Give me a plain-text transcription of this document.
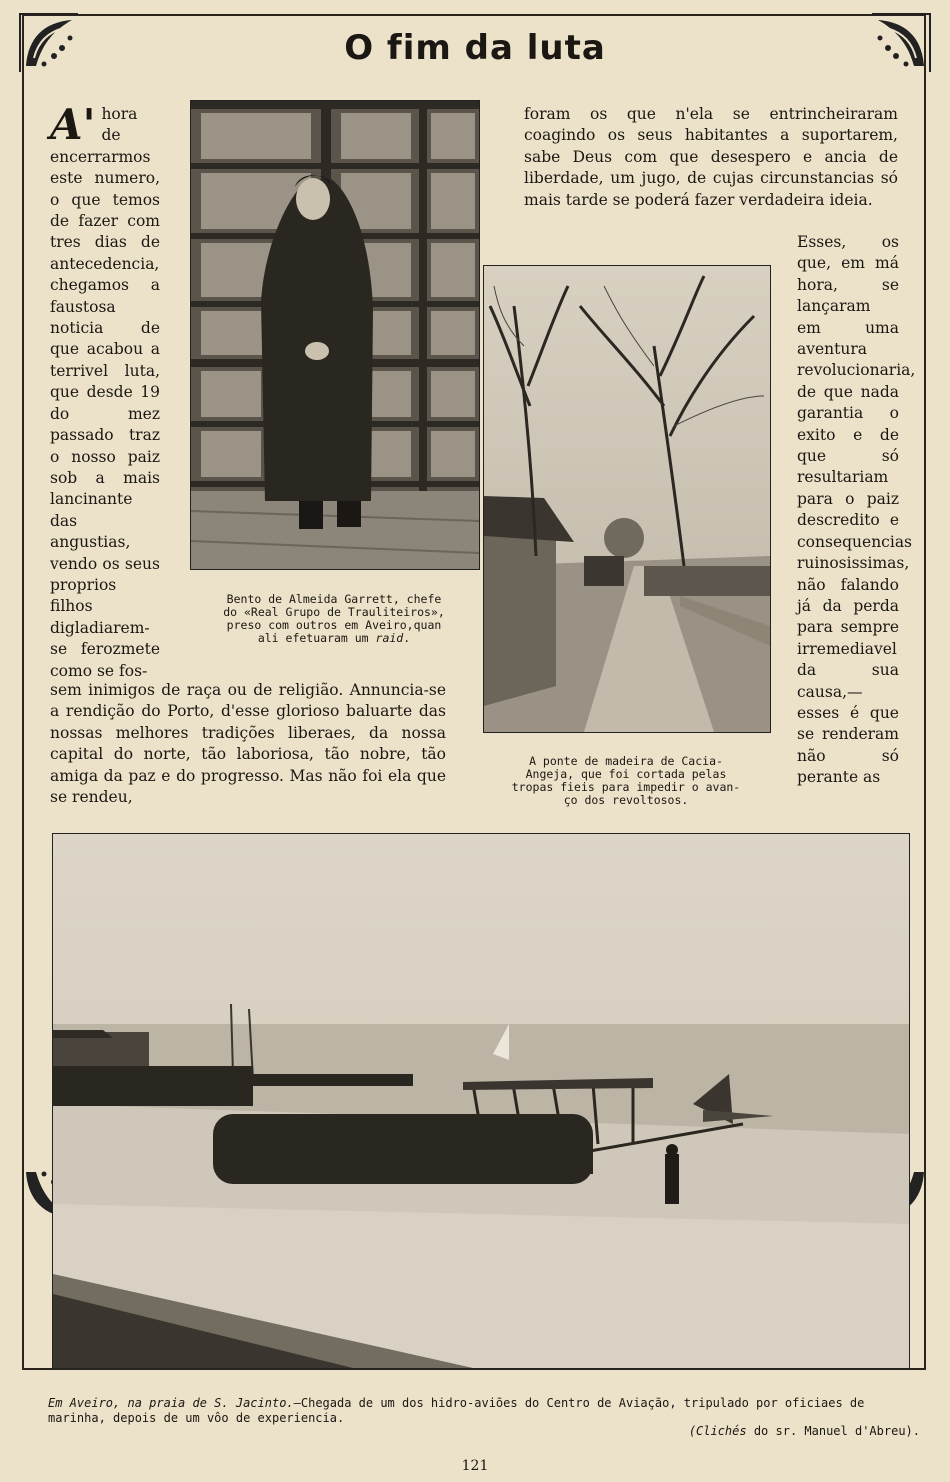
O fim da luta
A' hora de encerrarmos este numero, o que temos de fazer com tres dias de antecedencia, chegamos a faustosa noticia de que acabou a terrivel luta, que desde 19 do mez passado traz o nosso paiz sob a mais lancinante das angustias, vendo os seus proprios filhos digladiarem-se ferozmete como se fos-

foram os que n'ela se entrincheiraram coagindo os seus habitantes a suportarem, sabe Deus com que desespero e ancia de liberdade, um jugo, de cujas circunstancias só mais tarde se poderá fazer verdadeira ideia.

Esses, os que, em má hora, se lançaram em uma aventura revolucionaria, de que nada garantia o exito e de que só resultariam para o paiz descredito e consequencias ruinosissimas, não falando já da perda para sempre irremediavel da sua causa,—esses é que se renderam não só perante as

Bento de Almeida Garrett, chefe
do «Real Grupo de Trauliteiros»,
preso com outros em Aveiro,quan
ali efetuaram um raid.
A ponte de madeira de Cacia-
Angeja, que foi cortada pelas
tropas fieis para impedir o avan-
ço dos revoltosos.
Em Aveiro, na praia de S. Jacinto.—Chegada de um dos hidro-aviões do Centro de Aviação, tripulado por oficiaes de marinha, depois de um vôo de experiencia.
(Clichés do sr. Manuel d'Abreu).
121
sem inimigos de raça ou de religião. Annuncia-se a rendição do Porto, d'esse glorioso baluarte das nossas melhores tradições liberaes, da nossa capital do norte, tão laboriosa, tão nobre, tão amiga da paz e do progresso. Mas não foi ela que se rendeu,
